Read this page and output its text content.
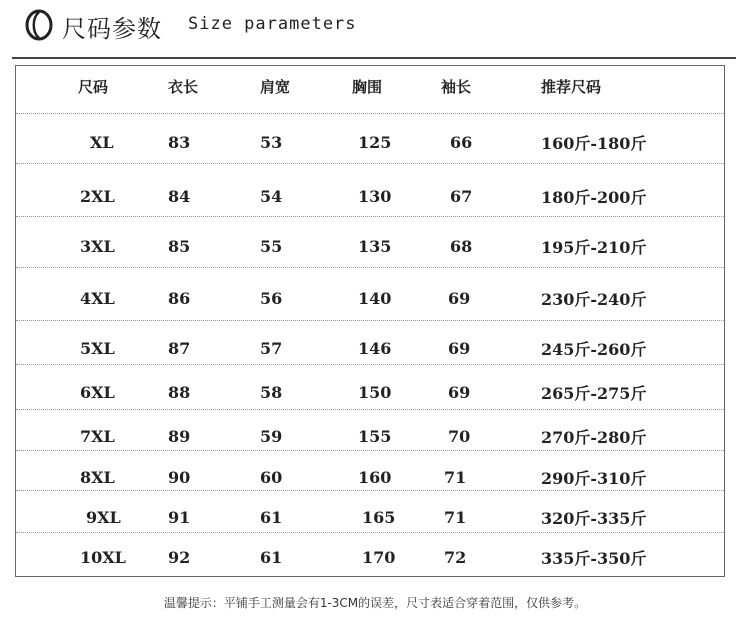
尺码参数 Size parameters
尺码	衣长	肩宽	胸围	袖长	推荐尺码
XL	83	53	125	66	160斤-180斤
2XL	84	54	130	67	180斤-200斤
3XL	85	55	135	68	195斤-210斤
4XL	86	56	140	69	230斤-240斤
5XL	87	57	146	69	245斤-260斤
6XL	88	58	150	69	265斤-275斤
7XL	89	59	155	70	270斤-280斤
8XL	90	60	160	71	290斤-310斤
9XL	91	61	165	71	320斤-335斤
10XL	92	61	170	72	335斤-350斤
温馨提示：平铺手工测量会有1-3CM的误差，尺寸表适合穿着范围，仅供参考。
